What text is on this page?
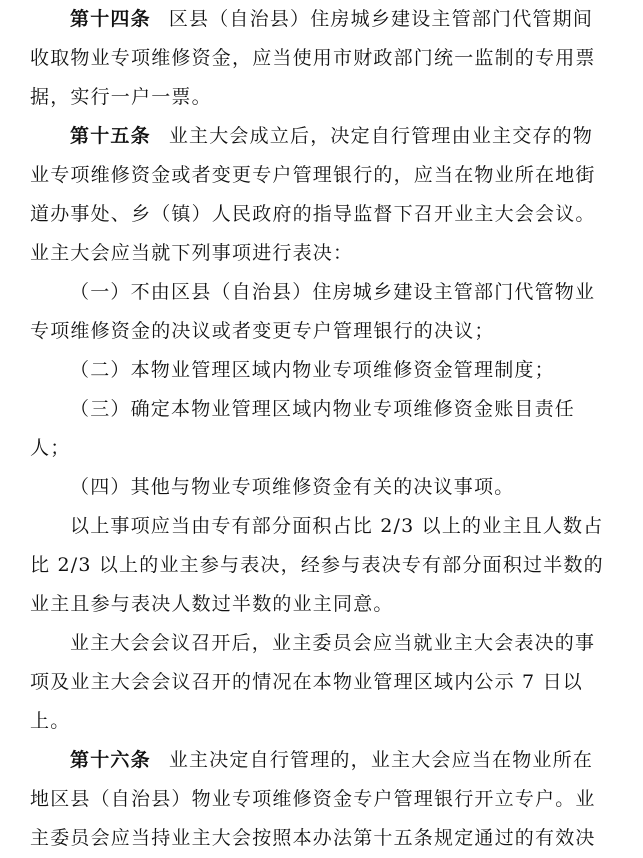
第十四条 区县（自治县）住房城乡建设主管部门代管期间
收取物业专项维修资金，应当使用市财政部门统一监制的专用票
据，实行一户一票。
第十五条 业主大会成立后，决定自行管理由业主交存的物
业专项维修资金或者变更专户管理银行的，应当在物业所在地街
道办事处、乡（镇）人民政府的指导监督下召开业主大会会议。
业主大会应当就下列事项进行表决：
（一）不由区县（自治县）住房城乡建设主管部门代管物业
专项维修资金的决议或者变更专户管理银行的决议；
（二）本物业管理区域内物业专项维修资金管理制度；
（三）确定本物业管理区域内物业专项维修资金账目责任
人；
（四）其他与物业专项维修资金有关的决议事项。
以上事项应当由专有部分面积占比 2/3 以上的业主且人数占
比 2/3 以上的业主参与表决，经参与表决专有部分面积过半数的
业主且参与表决人数过半数的业主同意。
业主大会会议召开后，业主委员会应当就业主大会表决的事
项及业主大会会议召开的情况在本物业管理区域内公示 7 日以
上。
第十六条 业主决定自行管理的，业主大会应当在物业所在
地区县（自治县）物业专项维修资金专户管理银行开立专户。业
主委员会应当持业主大会按照本办法第十五条规定通过的有效决
